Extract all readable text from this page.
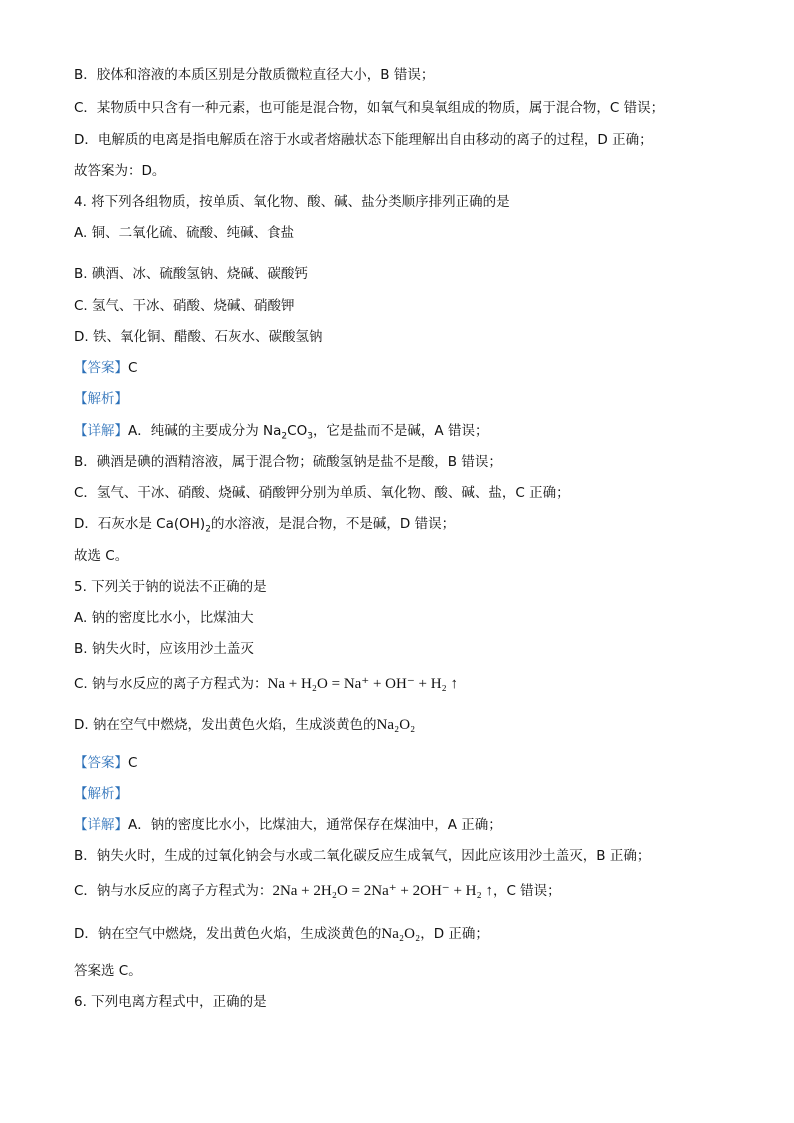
B．胶体和溶液的本质区别是分散质微粒直径大小，B 错误；
C．某物质中只含有一种元素，也可能是混合物，如氧气和臭氧组成的物质，属于混合物，C 错误；
D．电解质的电离是指电解质在溶于水或者熔融状态下能理解出自由移动的离子的过程，D 正确；
故答案为：D。
4. 将下列各组物质，按单质、氧化物、酸、碱、盐分类顺序排列正确的是
A. 铜、二氧化硫、硫酸、纯碱、食盐
B. 碘酒、冰、硫酸氢钠、烧碱、碳酸钙
C. 氢气、干冰、硝酸、烧碱、硝酸钾
D. 铁、氧化铜、醋酸、石灰水、碳酸氢钠
【答案】C
【解析】
【详解】A．纯碱的主要成分为 $Na_2CO_3$，它是盐而不是碱，A 错误；
B．碘酒是碘的酒精溶液，属于混合物；硫酸氢钠是盐不是酸，B 错误；
C．氢气、干冰、硝酸、烧碱、硝酸钾分别为单质、氧化物、酸、碱、盐，C 正确；
D．石灰水是 $Ca(OH)_2$的水溶液，是混合物，不是碱，D 错误；
故选 C。
5. 下列关于钠的说法不正确的是
A. 钠的密度比水小，比煤油大
B. 钠失火时，应该用沙土盖灭
C. 钠与水反应的离子方程式为：Na + H₂O = Na⁺ + OH⁻ + H₂ ↑
D. 钠在空气中燃烧，发出黄色火焰，生成淡黄色的Na₂O₂
【答案】C
【解析】
【详解】A．钠的密度比水小，比煤油大，通常保存在煤油中，A 正确；
B．钠失火时，生成的过氧化钠会与水或二氧化碳反应生成氧气，因此应该用沙土盖灭，B 正确；
C．钠与水反应的离子方程式为：2Na + 2H₂O = 2Na⁺ + 2OH⁻ + H₂ ↑，C 错误；
D．钠在空气中燃烧，发出黄色火焰，生成淡黄色的Na₂O₂，D 正确；
答案选 C。
6. 下列电离方程式中，正确的是
